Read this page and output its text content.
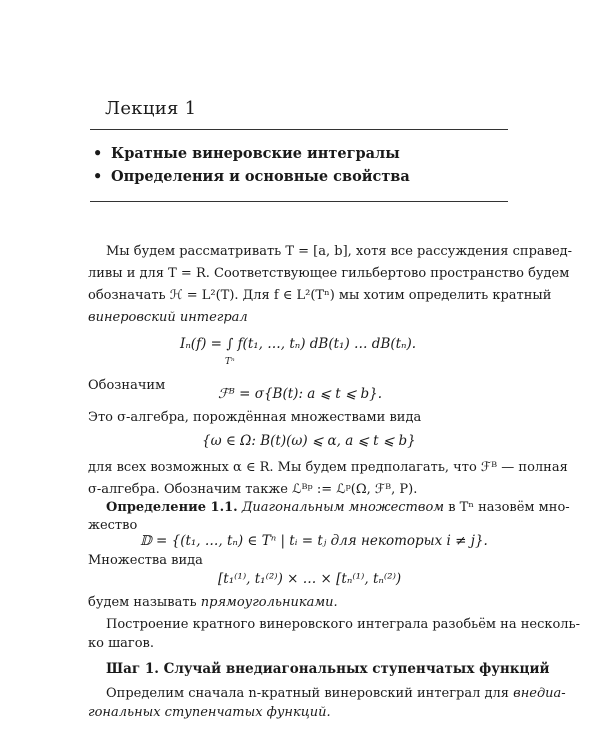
Лекция 1
• Кратные винеровские интегралы
• Определения и основные свойства
Мы будем рассматривать T = [a, b], хотя все рассуждения справед-
ливы и для T = R. Соответствующее гильбертово пространство будем
обозначать ℋ = L²(T). Для f ∈ L²(Tⁿ) мы хотим определить кратный
винеровский интеграл
Iₙ(f) = ∫ f(t₁, …, tₙ) dB(t₁) … dB(tₙ).
Tⁿ
Обозначим
ℱᴮ = σ{B(t): a ⩽ t ⩽ b}.
Это σ-алгебра, порождённая множествами вида
{ω ∈ Ω: B(t)(ω) ⩽ α, a ⩽ t ⩽ b}
для всех возможных α ∈ R. Мы будем предполагать, что ℱᴮ — полная
σ-алгебра. Обозначим также ℒᴮᵖ := ℒᵖ(Ω, ℱᴮ, P).
Определение 1.1. Диагональным множеством в Tⁿ назовём мно-
жество
𝔻 = {(t₁, …, tₙ) ∈ Tⁿ | tᵢ = tⱼ для некоторых i ≠ j}.
Множества вида
[t₁⁽¹⁾, t₁⁽²⁾) × … × [tₙ⁽¹⁾, tₙ⁽²⁾)
будем называть прямоугольниками.
Построение кратного винеровского интеграла разобьём на несколь-
ко шагов.
Шаг 1. Случай внедиагональных ступенчатых функций
Определим сначала n-кратный винеровский интеграл для внедиа-
гональных ступенчатых функций.
